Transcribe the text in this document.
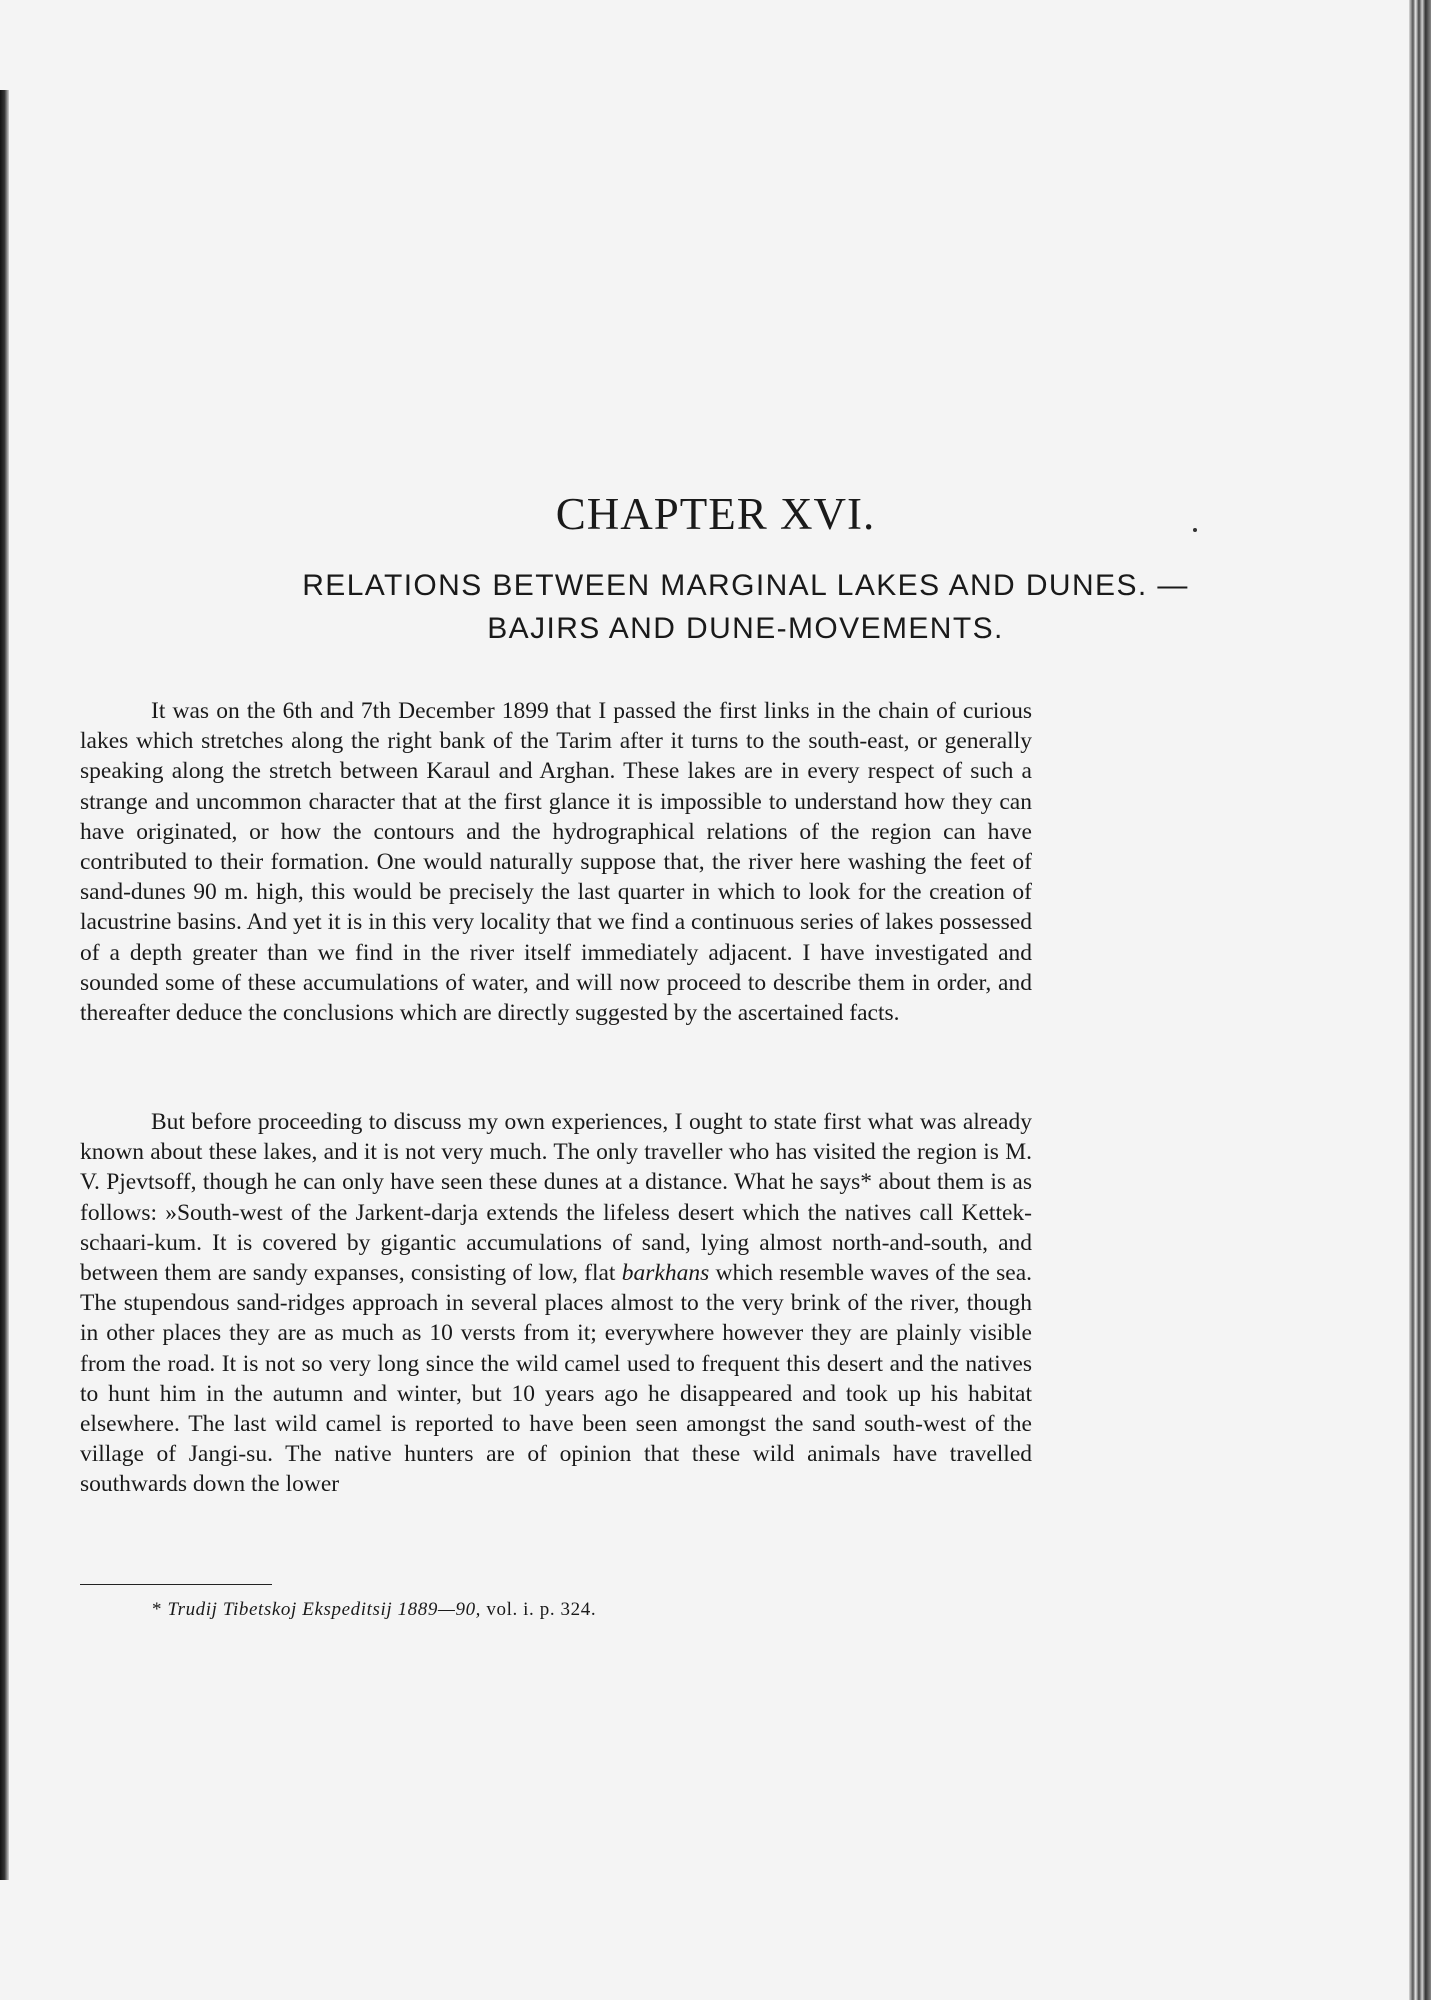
CHAPTER XVI.
RELATIONS BETWEEN MARGINAL LAKES AND DUNES. —
BAJIRS AND DUNE-MOVEMENTS.

It was on the 6th and 7th December 1899 that I passed the first links in the chain of curious lakes which stretches along the right bank of the Tarim after it turns to the south-east, or generally speaking along the stretch between Karaul and Arghan. These lakes are in every respect of such a strange and uncommon character that at the first glance it is impossible to understand how they can have originated, or how the contours and the hydrographical relations of the region can have contributed to their formation. One would naturally suppose that, the river here washing the feet of sand-dunes 90 m. high, this would be precisely the last quarter in which to look for the creation of lacustrine basins. And yet it is in this very locality that we find a continuous series of lakes possessed of a depth greater than we find in the river itself immediately adjacent. I have investigated and sounded some of these accumulations of water, and will now proceed to describe them in order, and thereafter deduce the conclusions which are directly suggested by the ascertained facts.

But before proceeding to discuss my own experiences, I ought to state first what was already known about these lakes, and it is not very much. The only traveller who has visited the region is M. V. Pjevtsoff, though he can only have seen these dunes at a distance. What he says* about them is as follows: »South-west of the Jarkent-darja extends the lifeless desert which the natives call Kettek-schaari-kum. It is covered by gigantic accumulations of sand, lying almost north-and-south, and between them are sandy expanses, consisting of low, flat barkhans which resemble waves of the sea. The stupendous sand-ridges approach in several places almost to the very brink of the river, though in other places they are as much as 10 versts from it; everywhere however they are plainly visible from the road. It is not so very long since the wild camel used to frequent this desert and the natives to hunt him in the autumn and winter, but 10 years ago he disappeared and took up his habitat elsewhere. The last wild camel is reported to have been seen amongst the sand south-west of the village of Jangi-su. The native hunters are of opinion that these wild animals have travelled southwards down the lower

* Trudij Tibetskoj Ekspeditsij 1889—90, vol. i. p. 324.
